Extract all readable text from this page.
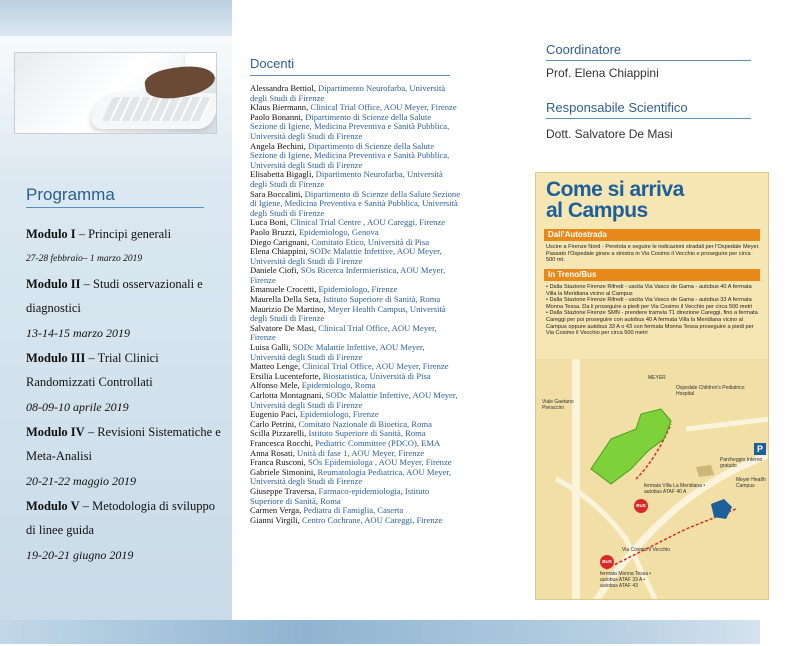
Programma
Modulo I – Principi generali
27-28 febbraio– 1 marzo 2019
Modulo II – Studi osservazionali e diagnostici
13-14-15 marzo 2019
Modulo III – Trial Clinici Randomizzati Controllati
08-09-10 aprile 2019
Modulo IV – Revisioni Sistematiche e Meta-Analisi
20-21-22 maggio 2019
Modulo V – Metodologia di sviluppo di linee guida
19-20-21 giugno 2019
Docenti
Alessandra Bettiol, Dipartimento Neurofarba, Università degli Studi di Firenze
Klaus Biermann, Clinical Trial Office, AOU Meyer, Firenze
Paolo Bonanni, Dipartimento di Scienze della Salute Sezione di Igiene, Medicina Preventiva e Sanità Pubblica, Università degli Studi di Firenze
Angela Bechini, Dipartimento di Scienze della Salute Sezione di Igiene, Medicina Preventiva e Sanità Pubblica, Università degli Studi di Firenze
Elisabetta Bigagli, Dipartimento Neurofarba, Università degli Studi di Firenze
Sara Boccalini, Dipartimento di Scienze della Salute Sezione di Igiene, Medicina Preventiva e Sanità Pubblica, Università degli Studi di Firenze
Luca Boni, Clinical Trial Centre , AOU Careggi, Firenze
Paolo Bruzzi, Epidemiologo, Genova
Diego Carignani, Comitato Etico, Università di Pisa
Elena Chiappini, SODc Malattie Infettive, AOU Meyer, Università degli Studi di Firenze
Daniele Ciofi, SOs Ricerca Infermieristica, AOU Meyer, Firenze
Emanuele Crocetti, Epidemiologo, Firenze
Maurella Della Seta, Istituto Superiore di Sanità, Roma
Maurizio De Martino, Meyer Health Campus, Università degli Studi di Firenze
Salvatore De Masi, Clinical Trial Office, AOU Meyer, Firenze
Luisa Galli, SODc Malattie Infettive, AOU Meyer, Università degli Studi di Firenze
Matteo Lenge, Clinical Trial Office, AOU Meyer, Firenze
Ersilia Lucenteforte, Biostatistica, Università di Pisa
Alfonso Mele, Epidemiologo, Roma
Carlotta Montagnani, SODc Malattie Infettive, AOU Meyer, Università degli Studi di Firenze
Eugenio Paci, Epidemiologo, Firenze
Carlo Petrini, Comitato Nazionale di Bioetica, Roma
Scilla Pizzarelli, Istituto Superiore di Sanità, Roma
Francesca Rocchi, Pediatric Committee (PDCO), EMA
Anna Rosati, Unità di fase 1, AOU Meyer, Firenze
Franca Rusconi, SOs Epidemiologa , AOU Meyer, Firenze
Gabriele Simonini, Reumatologia Pediatrica, AOU Meyer, Università degli Studi di Firenze
Giuseppe Traversa, Farmaco-epidemiologia, Istituto Superiore di Sanità, Roma
Carmen Verga, Pediatra di Famiglia, Caserta
Gianni Virgili, Centro Cochrane, AOU Careggi, Firenze
Coordinatore
Prof. Elena Chiappini
Responsabile Scientifico
Dott. Salvatore De Masi
Come si arriva
al Campus
Dall'Autostrada
Uscire a Firenze Nord - Peretola e seguire le indicazioni stradali per l'Ospedale Meyer. Passato l'Ospedale girare a sinistra in Via Cosimo il Vecchio e proseguire per circa 500 mt.
In Treno/Bus
• Dalla Stazione Firenze Rifredi - uscita Via Vasco de Gama - autobus 40 A fermata Villa la Meridiana vicino al Campus
• Dalla Stazione Firenze Rifredi - uscita Via Vasco de Gama - autobus 33 A fermata Monna Tessa. Da li proseguire a piedi per Via Cosimo il Vecchio per circa 500 metri
• Dalla Stazione Firenze SMN - prendere tramvia T1 direzione Careggi, fino a fermata Careggi per poi proseguire con autobus 40 A fermata Villa la Meridiana vicino al Campus oppure autobus 33 A o 43 con fermata Monna Tessa proseguire a piedi per Via Cosimo il Vecchio per circa 500 metri
MEYER
Ospedale Children's Pediatrico Hospital
Viale Gaetano Pieraccini
Via Cosimo il Vecchio
P
Parcheggio Interno gratuito
Meyer Health Campus
fermata Villa La Meridiana • autobus ATAF 40 A
BUS
BUS
fermata Monna Tessa • autobus ATAF 33 A • autobus ATAF 43
